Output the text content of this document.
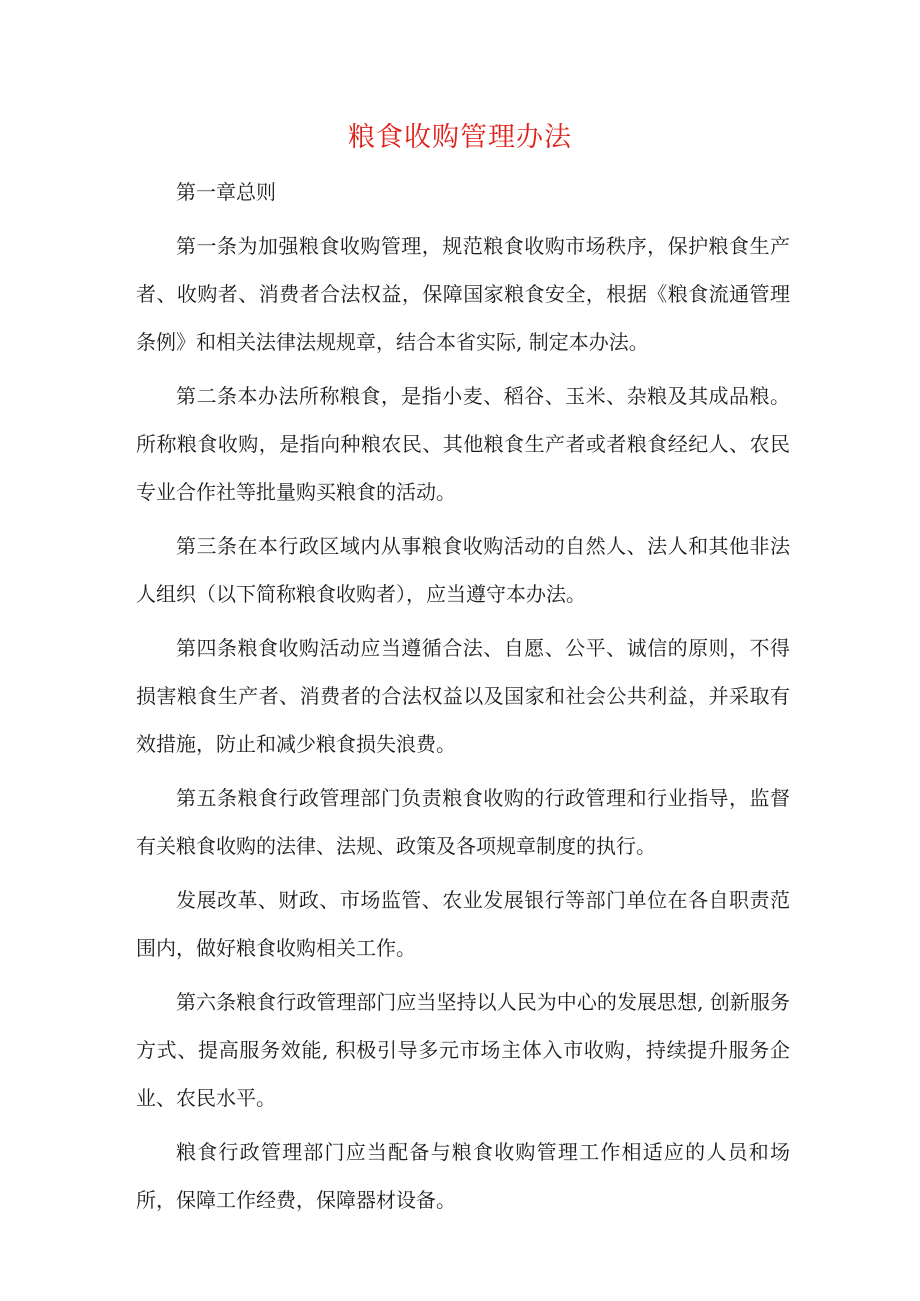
粮食收购管理办法

第一章总则

第一条为加强粮食收购管理，规范粮食收购市场秩序，保护粮食生产者、收购者、消费者合法权益，保障国家粮食安全，根据《粮食流通管理条例》和相关法律法规规章，结合本省实际, 制定本办法。

第二条本办法所称粮食，是指小麦、稻谷、玉米、杂粮及其成品粮。所称粮食收购，是指向种粮农民、其他粮食生产者或者粮食经纪人、农民专业合作社等批量购买粮食的活动。

第三条在本行政区域内从事粮食收购活动的自然人、法人和其他非法人组织（以下简称粮食收购者），应当遵守本办法。

第四条粮食收购活动应当遵循合法、自愿、公平、诚信的原则，不得损害粮食生产者、消费者的合法权益以及国家和社会公共利益，并采取有效措施，防止和减少粮食损失浪费。

第五条粮食行政管理部门负责粮食收购的行政管理和行业指导，监督有关粮食收购的法律、法规、政策及各项规章制度的执行。

发展改革、财政、市场监管、农业发展银行等部门单位在各自职责范围内，做好粮食收购相关工作。

第六条粮食行政管理部门应当坚持以人民为中心的发展思想, 创新服务方式、提高服务效能, 积极引导多元市场主体入市收购，持续提升服务企业、农民水平。

粮食行政管理部门应当配备与粮食收购管理工作相适应的人员和场所，保障工作经费，保障器材设备。
